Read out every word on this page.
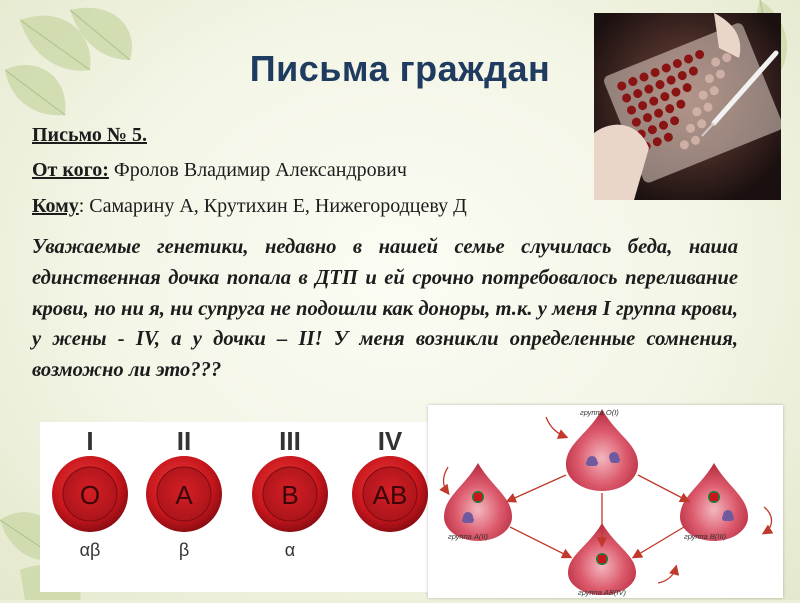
Письма граждан
Письмо № 5.
От кого: Фролов Владимир Александрович
Кому: Самарину А, Крутихин Е, Нижегородцеву Д
Уважаемые генетики, недавно в нашей семье случилась беда, наша единственная дочка попала в ДТП и ей срочно потребовалось переливание крови, но ни я, ни супруга не подошли как доноры, т.к. у меня I группа крови, у жены - IV, а у дочки – II! У меня возникли определенные сомнения, возможно ли это???
I
O
αβ
II
A
β
III
B
α
IV
AB
группа O(I)
группа A(II)	группа B(III)
группа AB(IV)
